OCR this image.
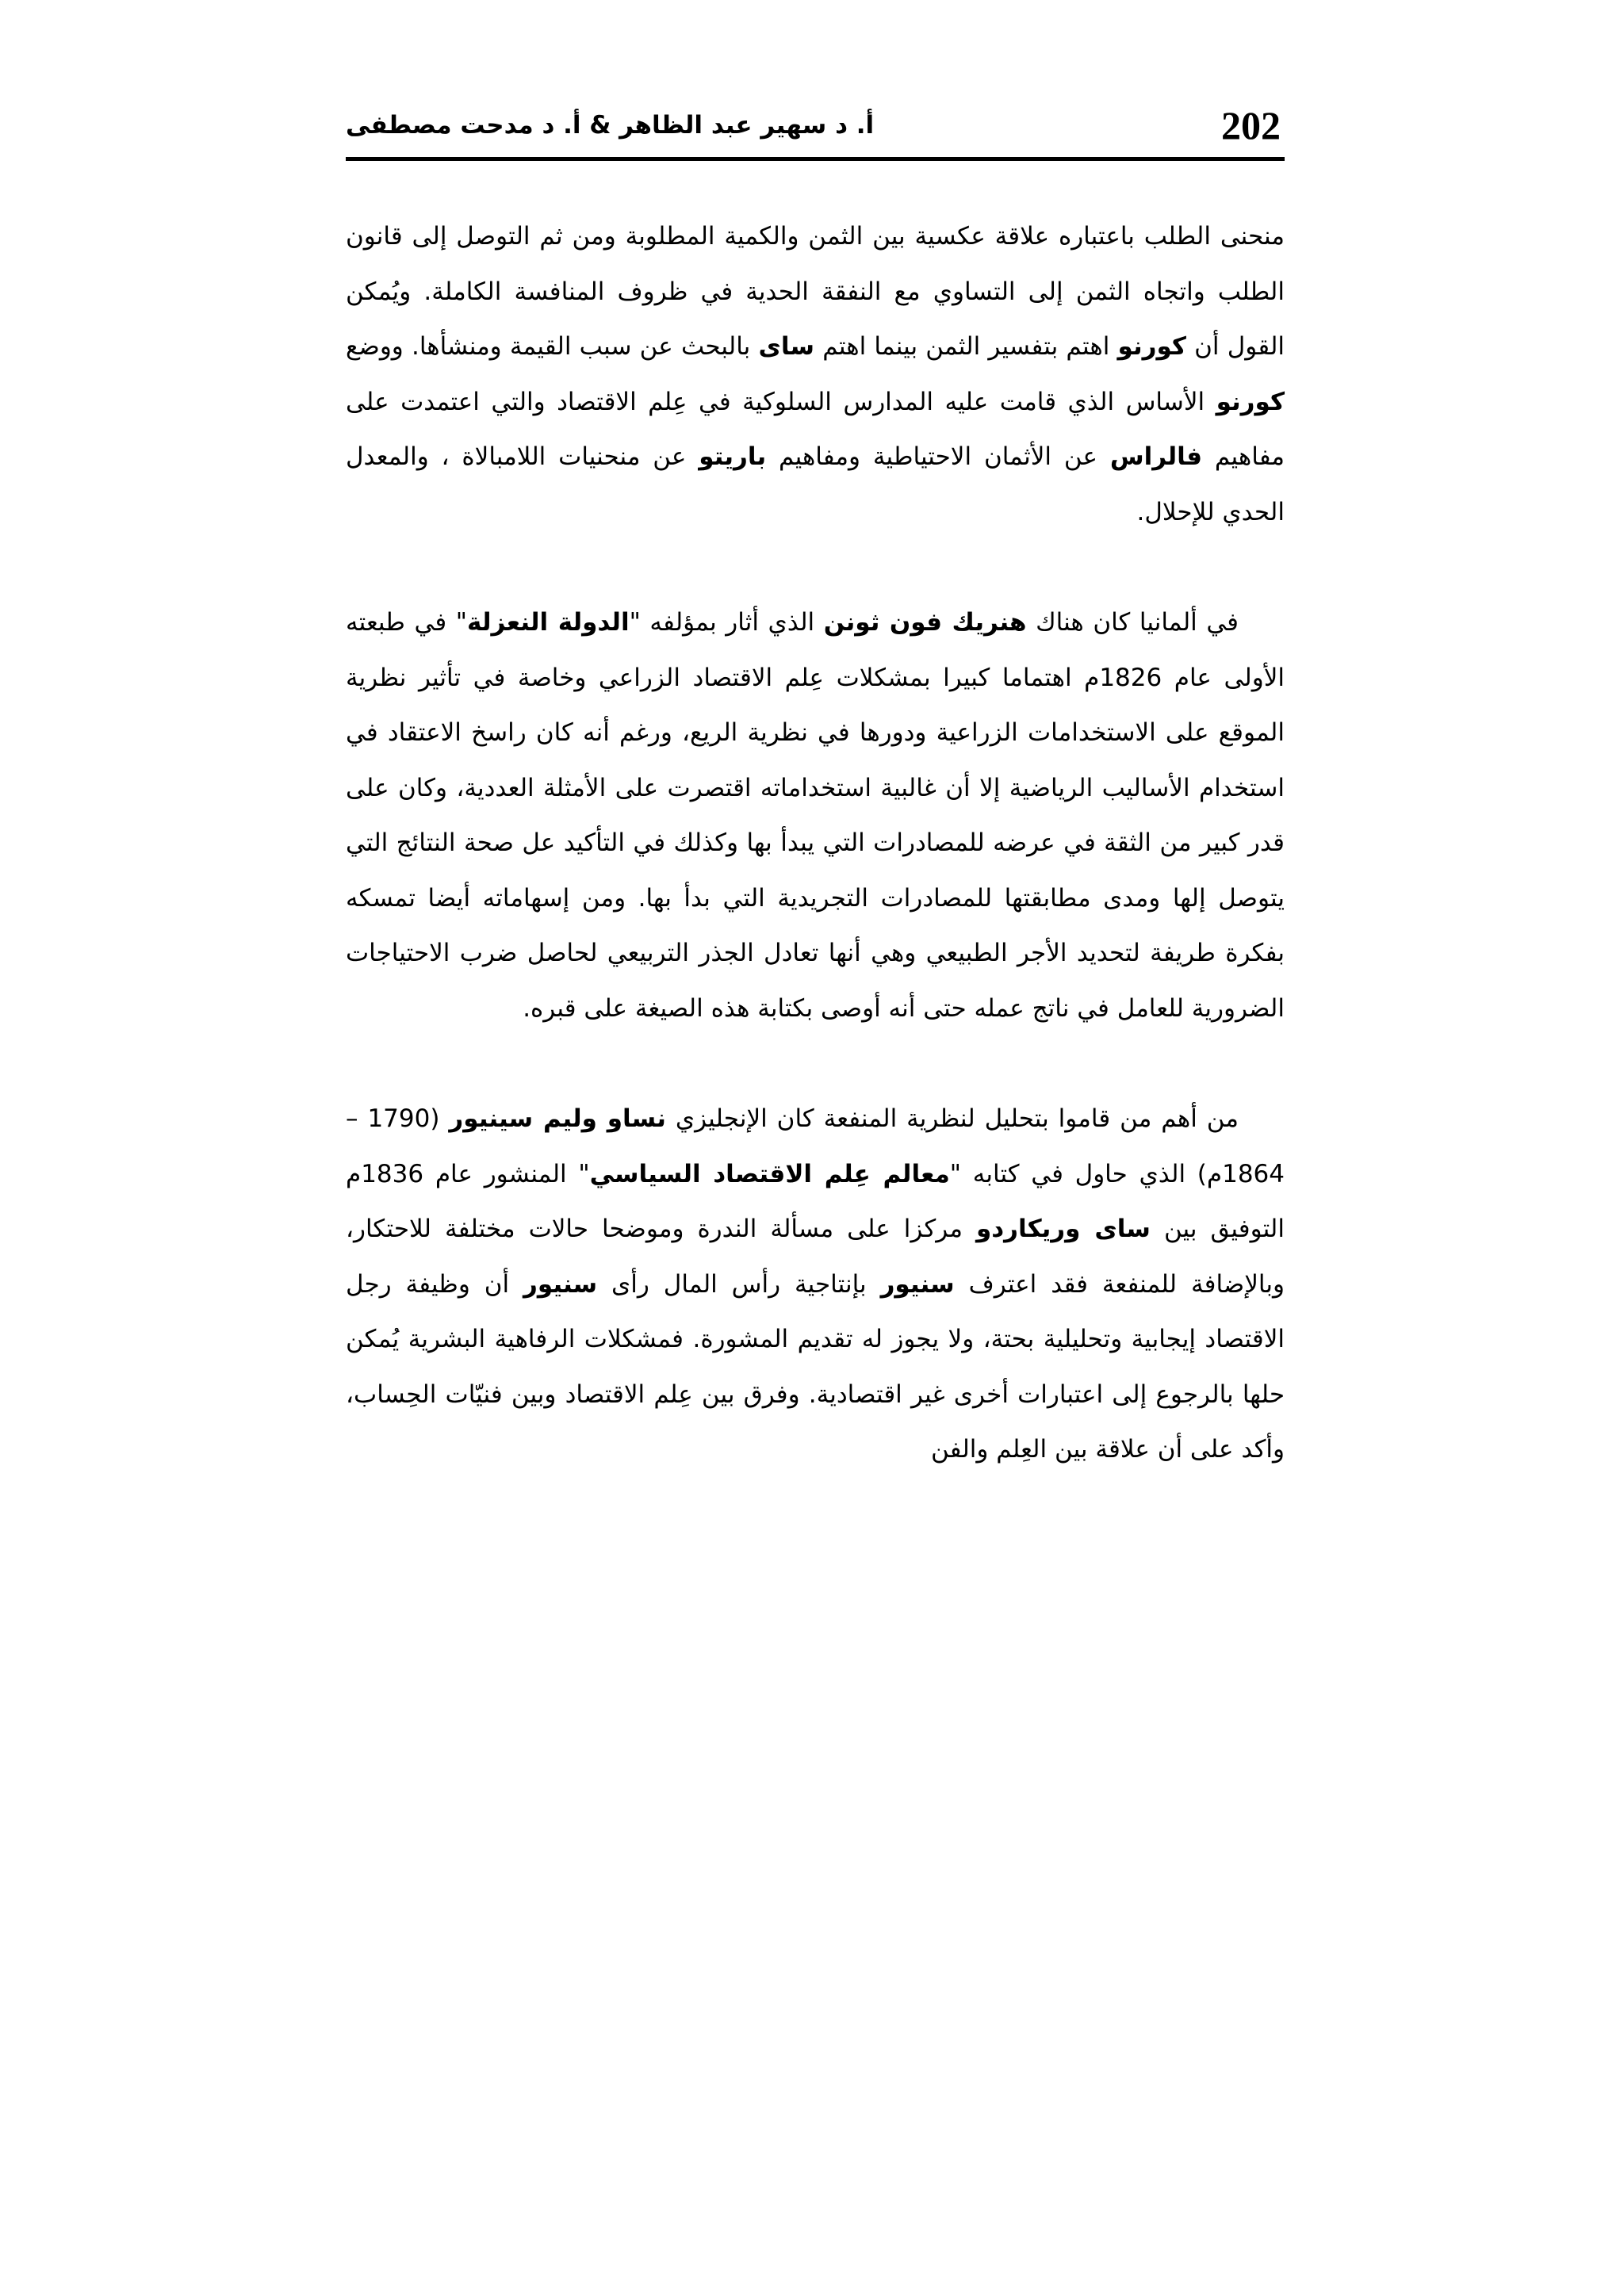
202
أ. د سهير عبد الظاهر & أ. د مدحت مصطفى

منحنى الطلب باعتباره علاقة عكسية بين الثمن والكمية المطلوبة ومن ثم التوصل إلى قانون الطلب واتجاه الثمن إلى التساوي مع النفقة الحدية في ظروف المنافسة الكاملة. ويُمكن القول أن كورنو اهتم بتفسير الثمن بينما اهتم ساى بالبحث عن سبب القيمة ومنشأها. ووضع كورنو الأساس الذي قامت عليه المدارس السلوكية في عِلم الاقتصاد والتي اعتمدت على مفاهيم فالراس عن الأثمان الاحتياطية ومفاهيم باريتو عن منحنيات اللامبالاة ، والمعدل الحدي للإحلال.

في ألمانيا كان هناك هنريك فون ثونن الذي أثار بمؤلفه "الدولة النعزلة" في طبعته الأولى عام 1826م اهتماما كبيرا بمشكلات عِلم الاقتصاد الزراعي وخاصة في تأثير نظرية الموقع على الاستخدامات الزراعية ودورها في نظرية الريع، ورغم أنه كان راسخ الاعتقاد في استخدام الأساليب الرياضية إلا أن غالبية استخداماته اقتصرت على الأمثلة العددية، وكان على قدر كبير من الثقة في عرضه للمصادرات التي يبدأ بها وكذلك في التأكيد عل صحة النتائج التي يتوصل إلها ومدى مطابقتها للمصادرات التجريدية التي بدأ بها. ومن إسهاماته أيضا تمسكه بفكرة طريفة لتحديد الأجر الطبيعي وهي أنها تعادل الجذر التربيعي لحاصل ضرب الاحتياجات الضرورية للعامل في ناتج عمله حتى أنه أوصى بكتابة هذه الصيغة على قبره.

من أهم من قاموا بتحليل لنظرية المنفعة كان الإنجليزي نساو وليم سينيور (1790 – 1864م) الذي حاول في كتابه "معالم عِلم الاقتصاد السياسي" المنشور عام 1836م التوفيق بين ساى وريكاردو مركزا على مسألة الندرة وموضحا حالات مختلفة للاحتكار، وبالإضافة للمنفعة فقد اعترف سنيور بإنتاجية رأس المال رأى سنيور أن وظيفة رجل الاقتصاد إيجابية وتحليلية بحتة، ولا يجوز له تقديم المشورة. فمشكلات الرفاهية البشرية يُمكن حلها بالرجوع إلى اعتبارات أخرى غير اقتصادية. وفرق بين عِلم الاقتصاد وبين فنيّات الحِساب، وأكد على أن علاقة بين العِلم والفن
